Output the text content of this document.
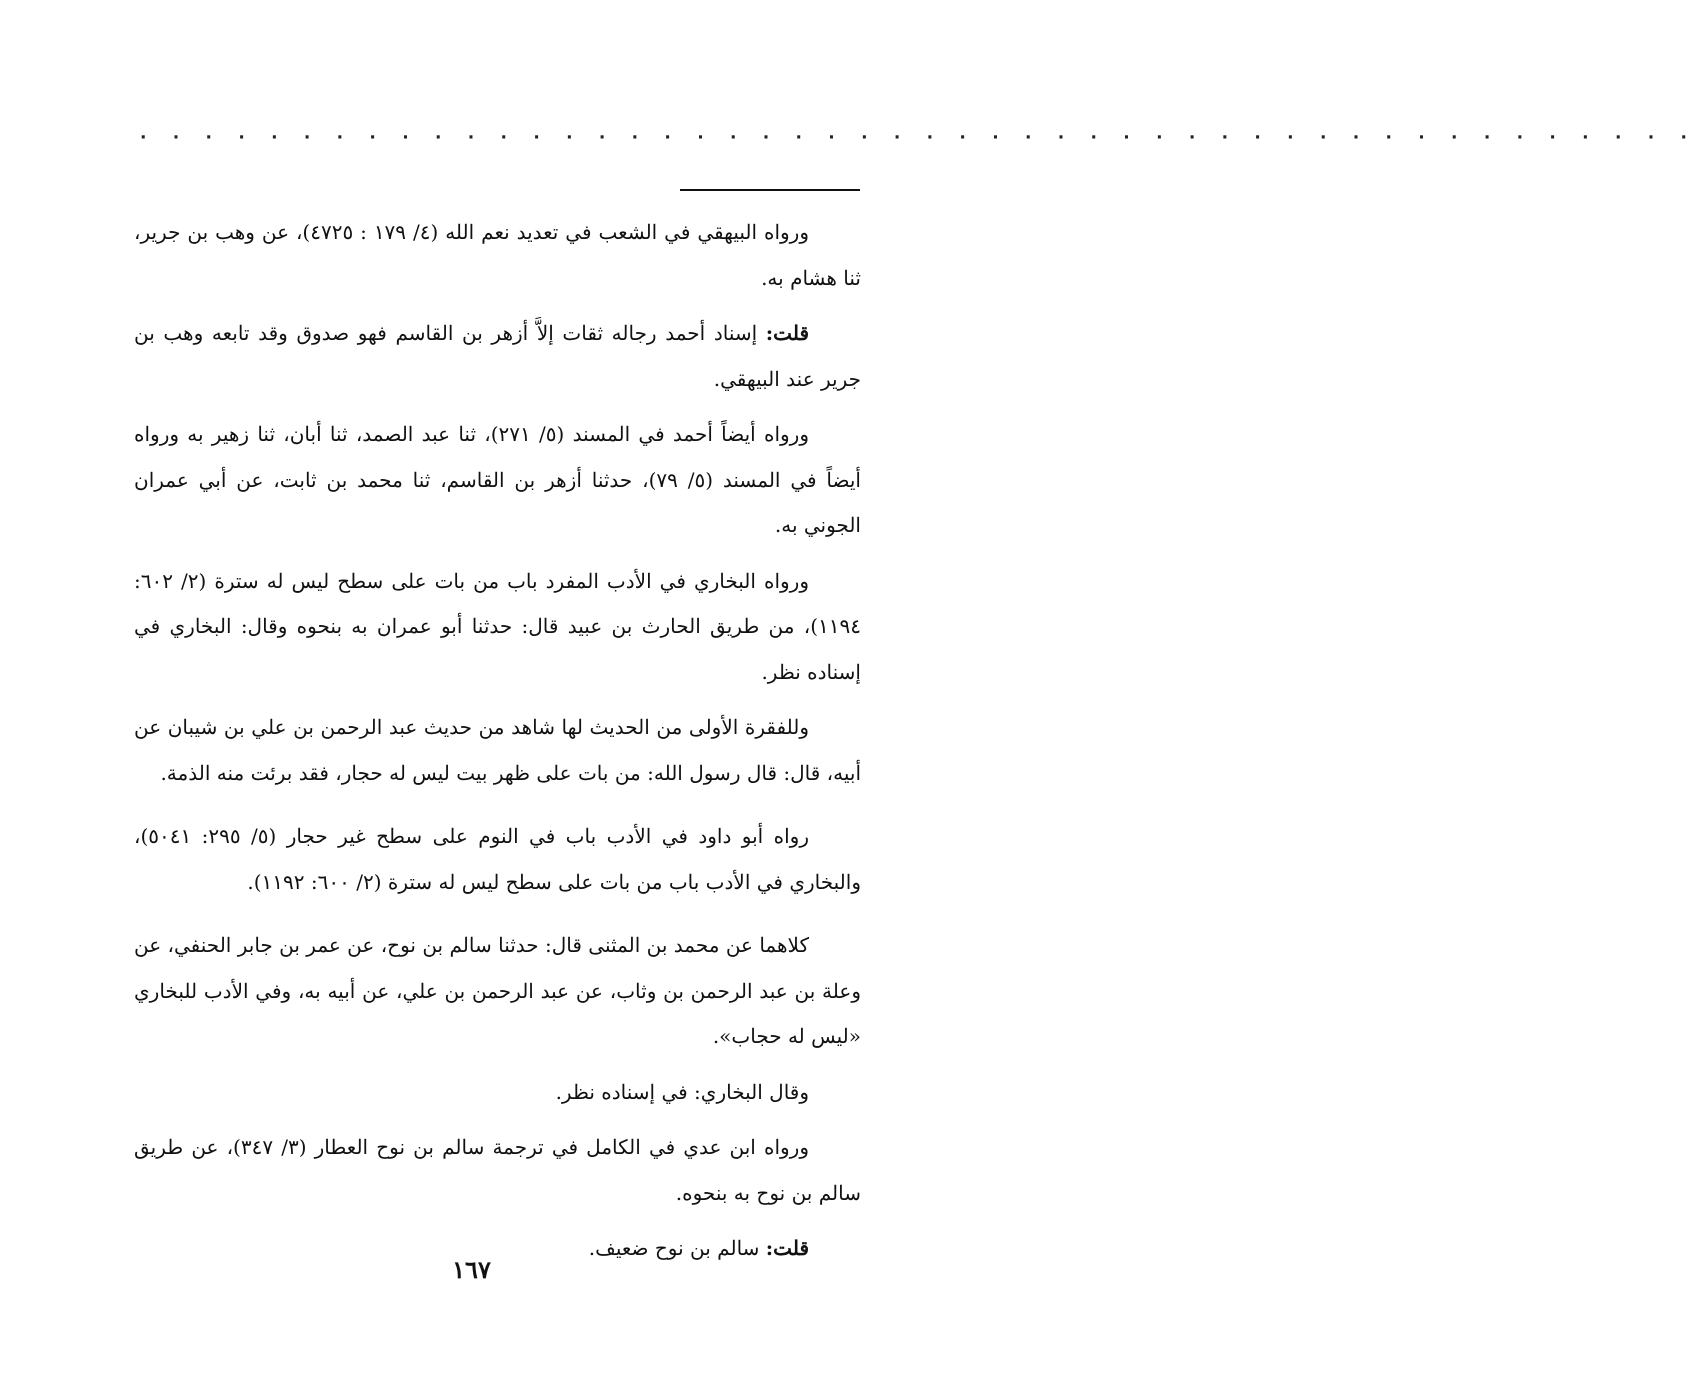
· · · · · · · · · · · · · · · · · · · · · · · · · · · · · · · · · · · · · · · · · · · · · · · ·

ورواه البيهقي في الشعب في تعديد نعم الله (٤/ ١٧٩ : ٤٧٢٥)، عن وهب بن جرير، ثنا هشام به.

قلت: إسناد أحمد رجاله ثقات إلاَّ أزهر بن القاسم فهو صدوق وقد تابعه وهب بن جرير عند البيهقي.

ورواه أيضاً أحمد في المسند (٥/ ٢٧١)، ثنا عبد الصمد، ثنا أبان، ثنا زهير به ورواه أيضاً في المسند (٥/ ٧٩)، حدثنا أزهر بن القاسم، ثنا محمد بن ثابت، عن أبي عمران الجوني به.

ورواه البخاري في الأدب المفرد باب من بات على سطح ليس له سترة (٢/ ٦٠٢: ١١٩٤)، من طريق الحارث بن عبيد قال: حدثنا أبو عمران به بنحوه وقال: البخاري في إسناده نظر.

وللفقرة الأولى من الحديث لها شاهد من حديث عبد الرحمن بن علي بن شيبان عن أبيه، قال: قال رسول الله: من بات على ظهر بيت ليس له حجار، فقد برئت منه الذمة.

رواه أبو داود في الأدب باب في النوم على سطح غير حجار (٥/ ٢٩٥: ٥٠٤١)، والبخاري في الأدب باب من بات على سطح ليس له سترة (٢/ ٦٠٠: ١١٩٢).

كلاهما عن محمد بن المثنى قال: حدثنا سالم بن نوح، عن عمر بن جابر الحنفي، عن وعلة بن عبد الرحمن بن وثاب، عن عبد الرحمن بن علي، عن أبيه به، وفي الأدب للبخاري «ليس له حجاب».

وقال البخاري: في إسناده نظر.

ورواه ابن عدي في الكامل في ترجمة سالم بن نوح العطار (٣/ ٣٤٧)، عن طريق سالم بن نوح به بنحوه.

قلت: سالم بن نوح ضعيف.

١٦٧
